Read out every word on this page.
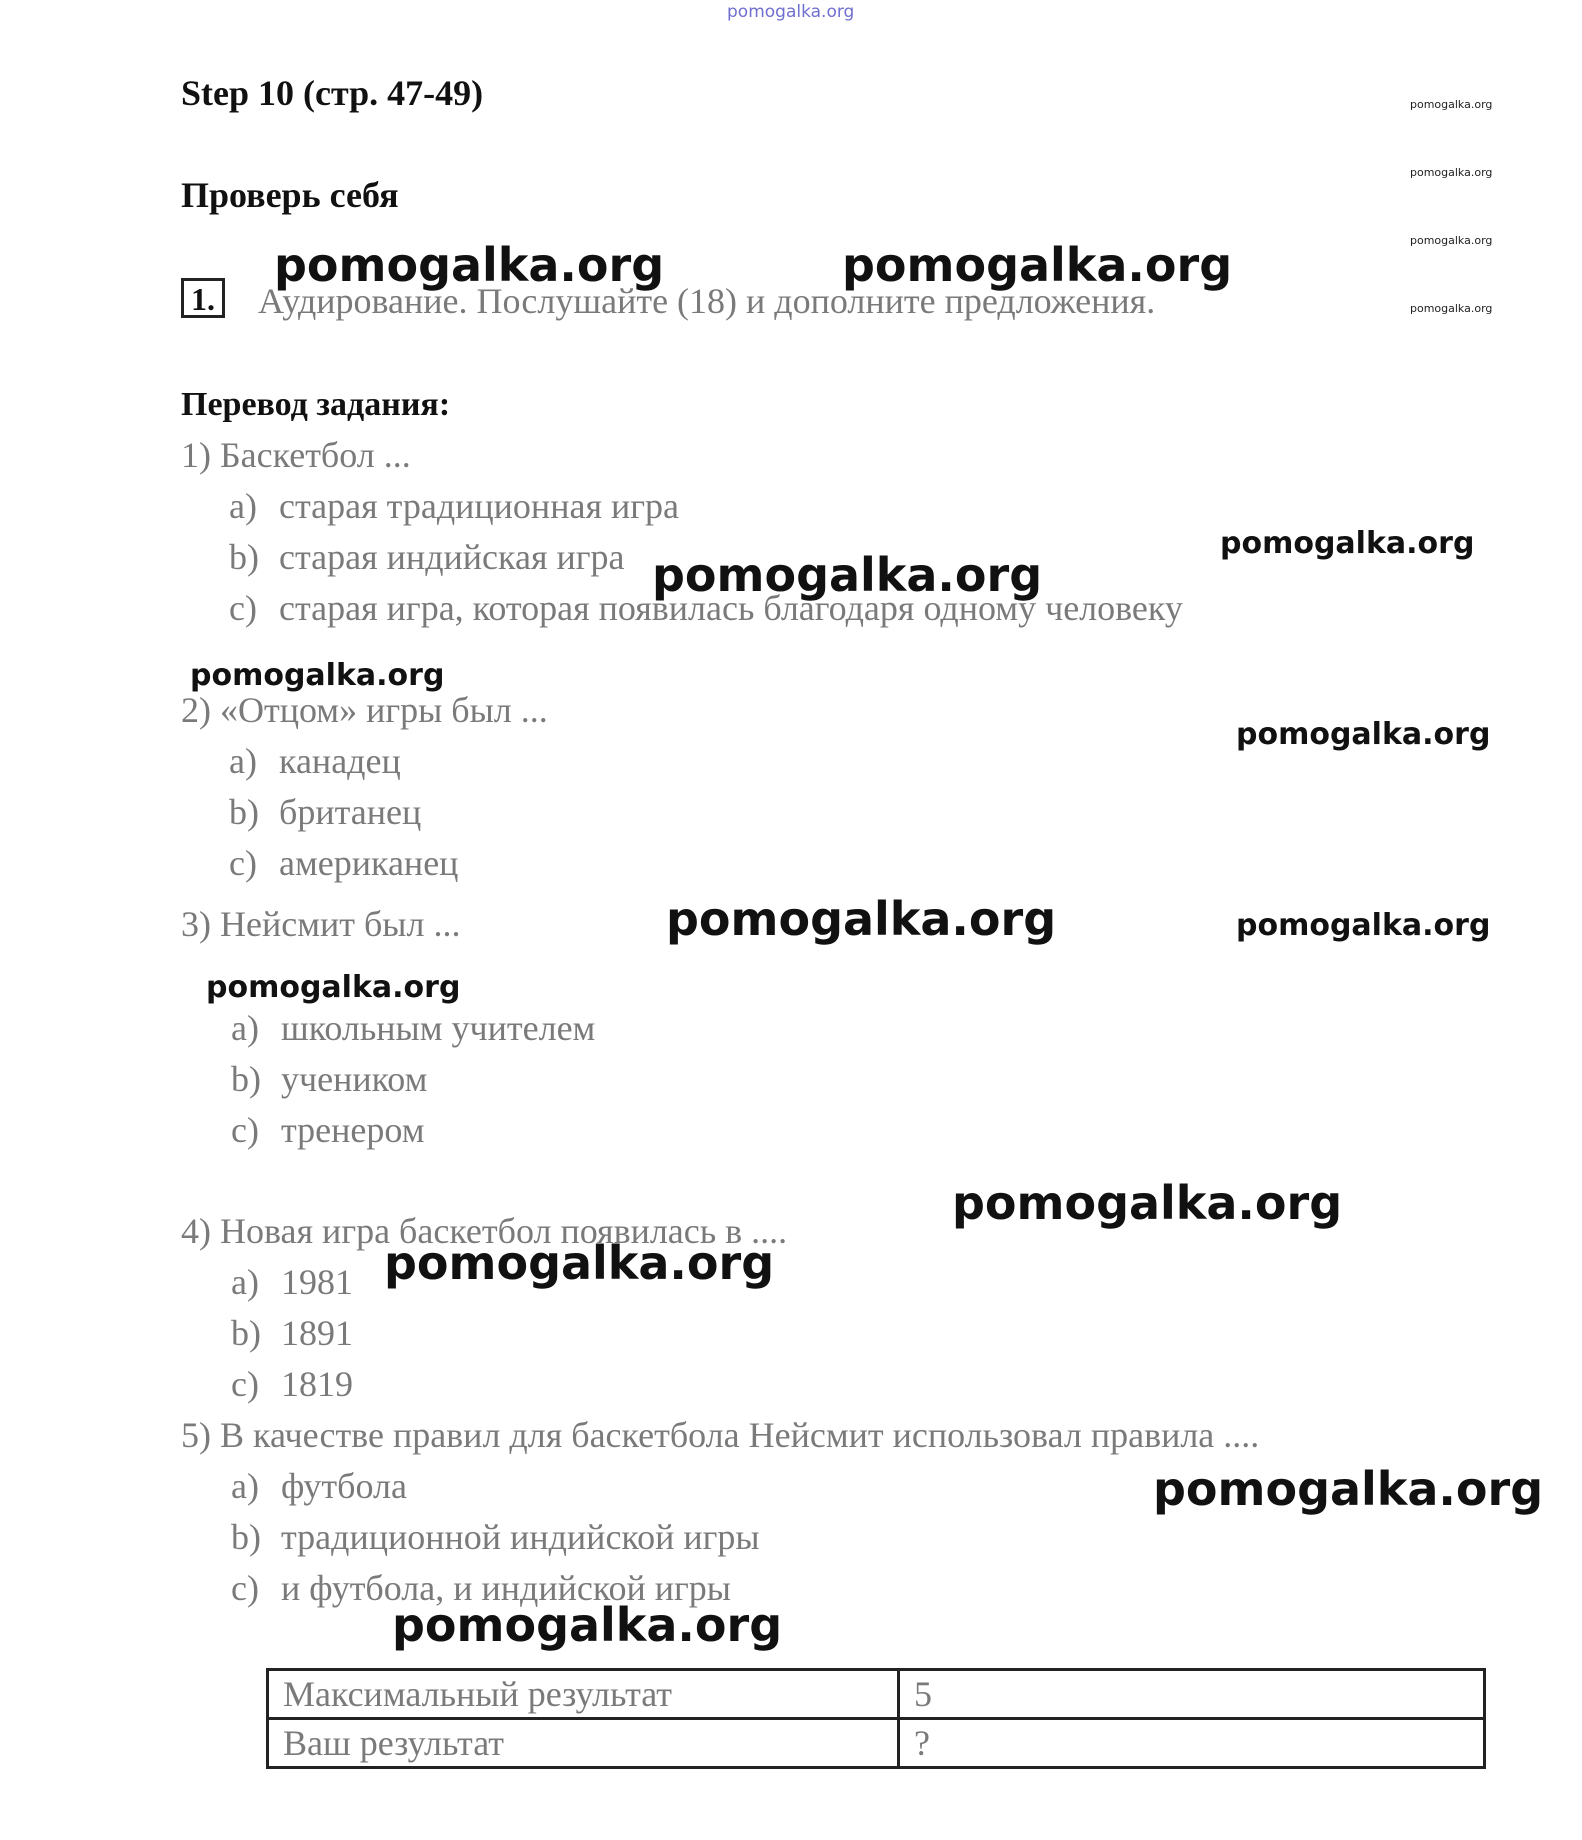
pomogalka.org
Step 10 (стр. 47-49)
Проверь себя
pomogalka.org
pomogalka.org
pomogalka.org
pomogalka.org
1. Аудирование. Послушайте (18) и дополните предложения.
pomogalka.org	pomogalka.org
Перевод задания:
1) Баскетбол ...
a) старая традиционная игра
b) старая индийская игра
c) старая игра, которая появилась благодаря одному человеку
pomogalka.org
pomogalka.org
pomogalka.org
2) «Отцом» игры был ...
pomogalka.org
a) канадец
b) британец
c) американец
3) Нейсмит был ...	pomogalka.org	pomogalka.org
pomogalka.org
a) школьным учителем
b) учеником
c) тренером
pomogalka.org
4) Новая игра баскетбол появилась в ....
pomogalka.org
a) 1981
b) 1891
c) 1819
5) В качестве правил для баскетбола Нейсмит использовал правила ....
a) футбола	pomogalka.org
b) традиционной индийской игры
c) и футбола, и индийской игры
pomogalka.org
Максимальный результат	5
Ваш результат	?
